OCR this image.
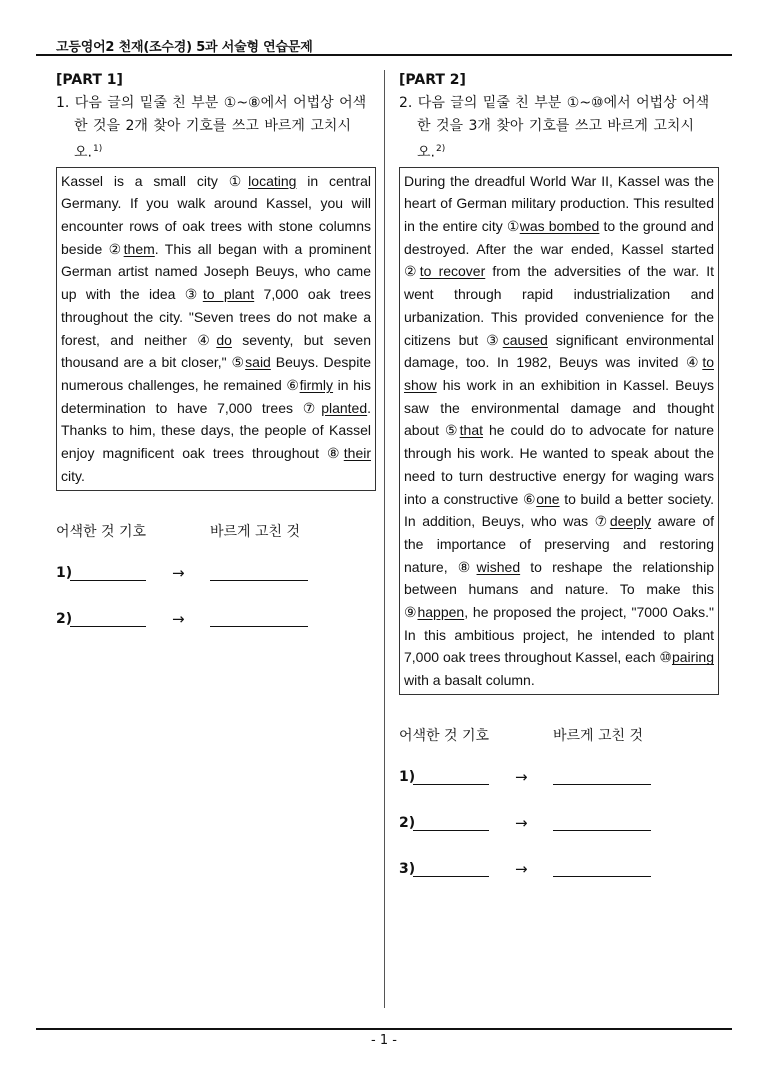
고등영어2 천재(조수경) 5과 서술형 연습문제
[PART 1]
1. 다음 글의 밑줄 친 부분 ①~⑧에서 어법상 어색한 것을 2개 찾아 기호를 쓰고 바르게 고치시오.$^{1)}$
Kassel is a small city ①locating in central Germany. If you walk around Kassel, you will encounter rows of oak trees with stone columns beside ②them. This all began with a prominent German artist named Joseph Beuys, who came up with the idea ③to plant 7,000 oak trees throughout the city. "Seven trees do not make a forest, and neither ④do seventy, but seven thousand are a bit closer," ⑤said Beuys. Despite numerous challenges, he remained ⑥firmly in his determination to have 7,000 trees ⑦planted. Thanks to him, these days, the people of Kassel enjoy magnificent oak trees throughout ⑧their city.
어색한 것 기호	바르게 고친 것
1)	→
2)	→
[PART 2]
2. 다음 글의 밑줄 친 부분 ①~⑩에서 어법상 어색한 것을 3개 찾아 기호를 쓰고 바르게 고치시오.$^{2)}$
During the dreadful World War II, Kassel was the heart of German military production. This resulted in the entire city ①was bombed to the ground and destroyed. After the war ended, Kassel started ②to recover from the adversities of the war. It went through rapid industrialization and urbanization. This provided convenience for the citizens but ③caused significant environmental damage, too. In 1982, Beuys was invited ④to show his work in an exhibition in Kassel. Beuys saw the environmental damage and thought about ⑤that he could do to advocate for nature through his work. He wanted to speak about the need to turn destructive energy for waging wars into a constructive ⑥one to build a better society. In addition, Beuys, who was ⑦deeply aware of the importance of preserving and restoring nature, ⑧wished to reshape the relationship between humans and nature. To make this ⑨happen, he proposed the project, "7000 Oaks." In this ambitious project, he intended to plant 7,000 oak trees throughout Kassel, each ⑩pairing with a basalt column.
어색한 것 기호	바르게 고친 것
1)	→
2)	→
3)	→
- 1 -
